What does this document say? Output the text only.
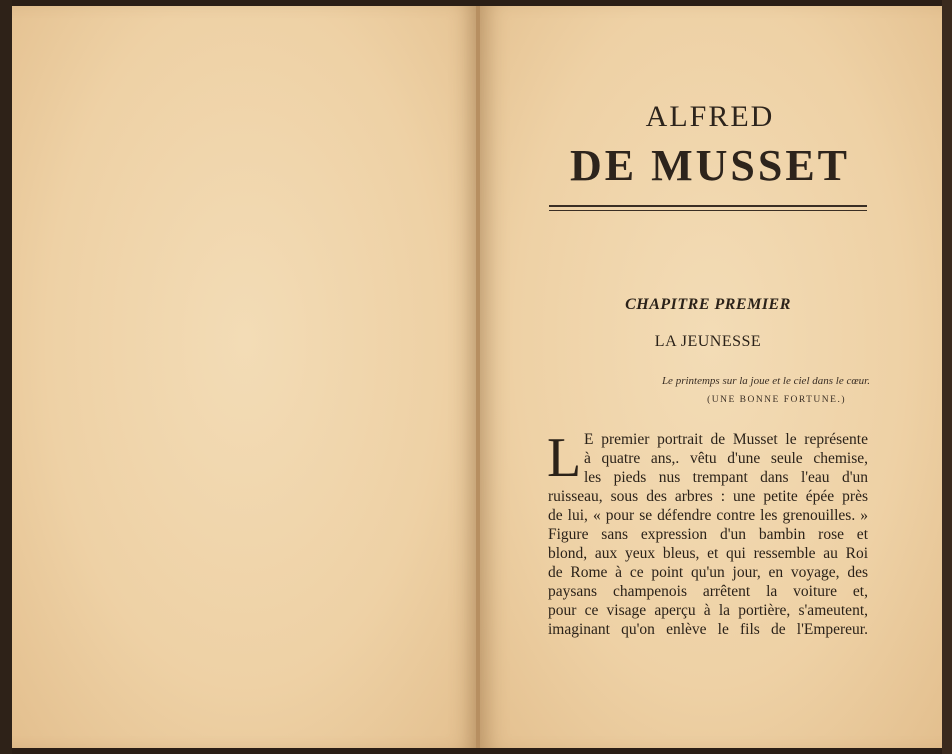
ALFRED
DE MUSSET
CHAPITRE PREMIER
LA JEUNESSE
Le printemps sur la joue et le ciel dans le cœur.
(UNE BONNE FORTUNE.)
L E premier portrait de Musset le représente
à quatre ans,. vêtu d'une seule chemise,
les pieds nus trempant dans l'eau d'un
ruisseau, sous des arbres : une petite épée près
de lui, « pour se défendre contre les grenouilles. »
Figure sans expression d'un bambin rose et
blond, aux yeux bleus, et qui ressemble au Roi
de Rome à ce point qu'un jour, en voyage, des
paysans champenois arrêtent la voiture et,
pour ce visage aperçu à la portière, s'ameutent,
imaginant qu'on enlève le fils de l'Empereur.
